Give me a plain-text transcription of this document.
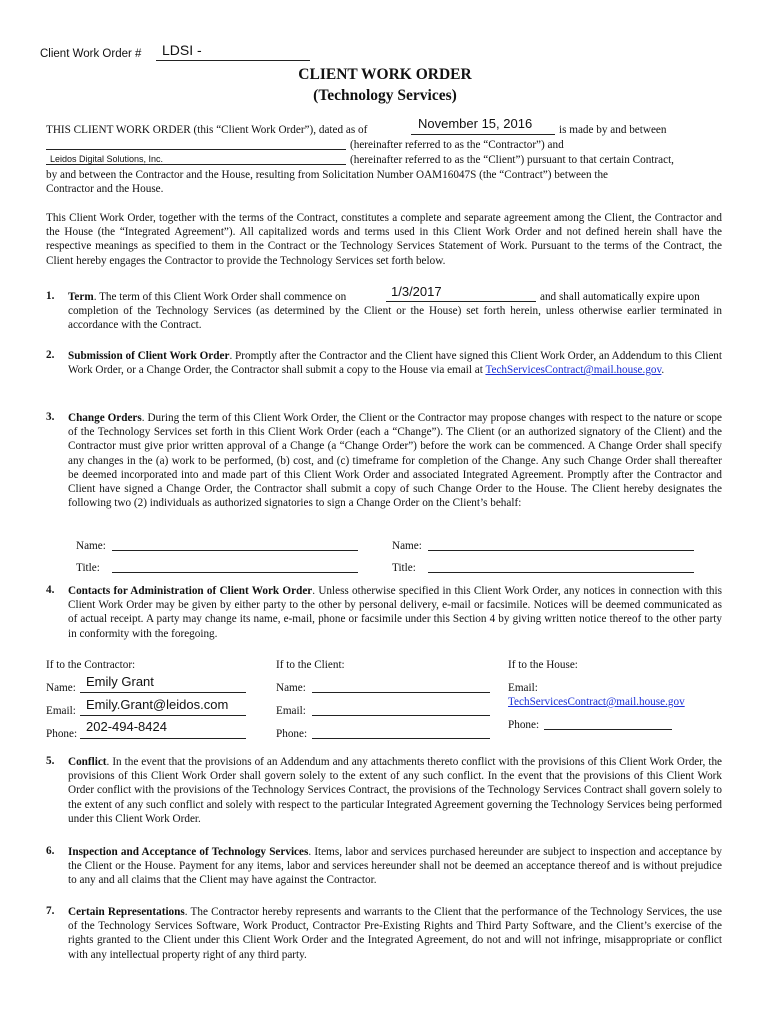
Client Work Order # LDSI -
CLIENT WORK ORDER
(Technology Services)
THIS CLIENT WORK ORDER (this “Client Work Order”), dated as of	November 15, 2016 is made by and between
(hereinafter referred to as the “Contractor”) and
Leidos Digital Solutions, Inc.	(hereinafter referred to as the “Client”) pursuant to that certain Contract,
by and between the Contractor and the House, resulting from Solicitation Number OAM16047S (the “Contract”) between the
Contractor and the House.
This Client Work Order, together with the terms of the Contract, constitutes a complete and separate agreement among the Client, the Contractor and the House (the “Integrated Agreement”). All capitalized words and terms used in this Client Work Order and not defined herein shall have the respective meanings as specified to them in the Contract or the Technology Services Statement of Work. Pursuant to the terms of the Contract, the Client hereby engages the Contractor to provide the Technology Services set forth below.
1. Term. The term of this Client Work Order shall commence on	1/3/2017	and shall automatically expire upon
completion of the Technology Services (as determined by the Client or the House) set forth herein, unless otherwise earlier terminated in accordance with the Contract.
2. Submission of Client Work Order. Promptly after the Contractor and the Client have signed this Client Work Order, an Addendum to this Client Work Order, or a Change Order, the Contractor shall submit a copy to the House via email at TechServicesContract@mail.house.gov.
3. Change Orders. During the term of this Client Work Order, the Client or the Contractor may propose changes with respect to the nature or scope of the Technology Services set forth in this Client Work Order (each a “Change”). The Client (or an authorized signatory of the Client) and the Contractor must give prior written approval of a Change (a “Change Order”) before the work can be commenced. A Change Order shall specify any changes in the (a) work to be performed, (b) cost, and (c) timeframe for completion of the Change. Any such Change Order shall thereafter be deemed incorporated into and made part of this Client Work Order and associated Integrated Agreement. Promptly after the Contractor and Client have signed a Change Order, the Contractor shall submit a copy of such Change Order to the House. The Client hereby designates the following two (2) individuals as authorized signatories to sign a Change Order on the Client’s behalf:
Name:	Name:
Title:	Title:
4. Contacts for Administration of Client Work Order. Unless otherwise specified in this Client Work Order, any notices in connection with this Client Work Order may be given by either party to the other by personal delivery, e-mail or facsimile. Notices will be deemed communicated as of actual receipt. A party may change its name, e-mail, phone or facsimile under this Section 4 by giving written notice thereof to the other party in conformity with the foregoing.
If to the Contractor:
Name: Emily Grant
Email: Emily.Grant@leidos.com
Phone: 202-494-8424
If to the Client:
Name:
Email:
Phone:
If to the House:
Email:
TechServicesContract@mail.house.gov
Phone:
5. Conflict. In the event that the provisions of an Addendum and any attachments thereto conflict with the provisions of this Client Work Order, the provisions of this Client Work Order shall govern solely to the extent of any such conflict. In the event that the provisions of this Client Work Order conflict with the provisions of the Technology Services Contract, the provisions of the Technology Services Contract shall govern solely to the extent of any such conflict and solely with respect to the particular Integrated Agreement governing the Technology Services being performed under this Client Work Order.
6. Inspection and Acceptance of Technology Services. Items, labor and services purchased hereunder are subject to inspection and acceptance by the Client or the House. Payment for any items, labor and services hereunder shall not be deemed an acceptance thereof and is without prejudice to any and all claims that the Client may have against the Contractor.
7. Certain Representations. The Contractor hereby represents and warrants to the Client that the performance of the Technology Services, the use of the Technology Services Software, Work Product, Contractor Pre-Existing Rights and Third Party Software, and the Client’s exercise of the rights granted to the Client under this Client Work Order and the Integrated Agreement, do not and will not infringe, misappropriate or conflict with any intellectual property right of any third party.
